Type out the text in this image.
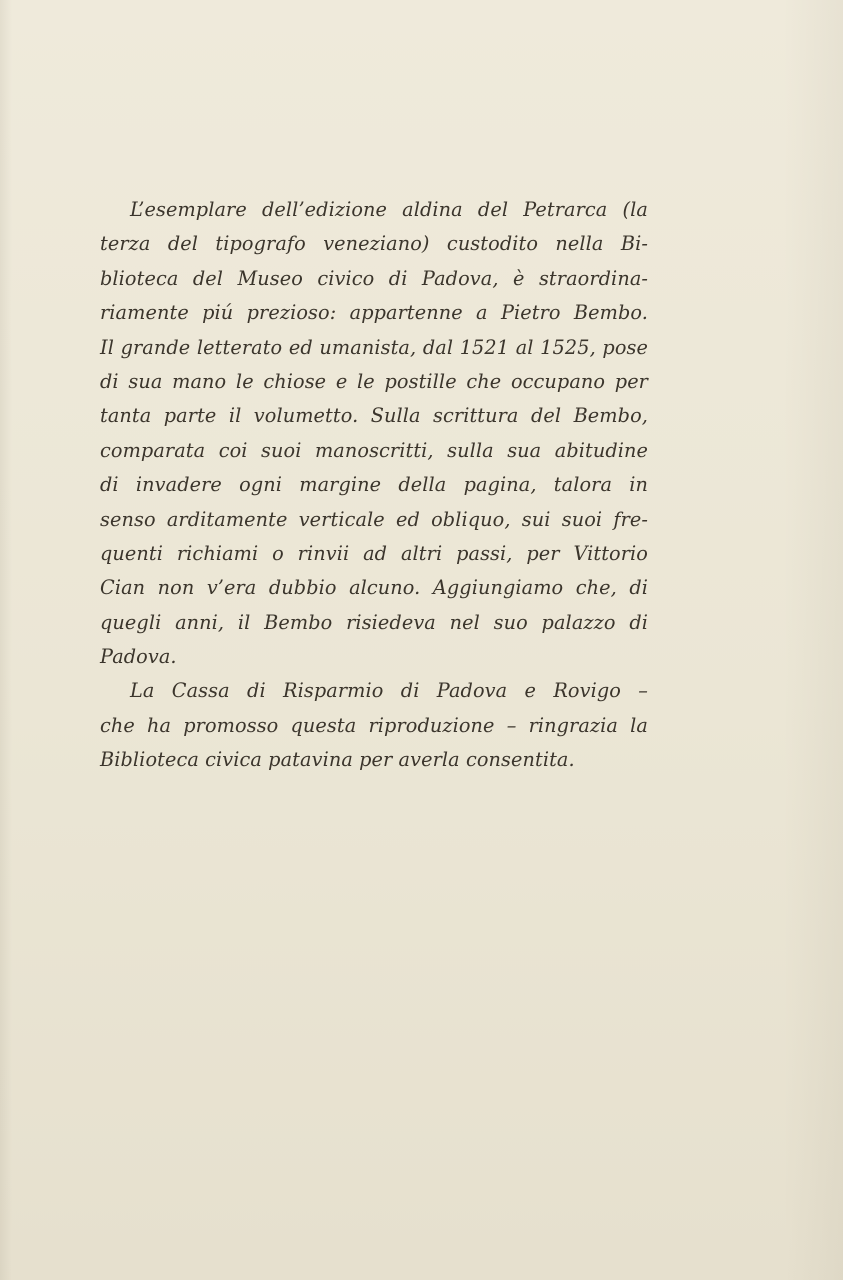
L’esemplare dell’edizione aldina del Petrarca (la
terza del tipografo veneziano) custodito nella Bi-
blioteca del Museo civico di Padova, è straordina-
riamente piú prezioso: appartenne a Pietro Bembo.
Il grande letterato ed umanista, dal 1521 al 1525, pose
di sua mano le chiose e le postille che occupano per
tanta parte il volumetto. Sulla scrittura del Bembo,
comparata coi suoi manoscritti, sulla sua abitudine
di invadere ogni margine della pagina, talora in
senso arditamente verticale ed obliquo, sui suoi fre-
quenti richiami o rinvii ad altri passi, per Vittorio
Cian non v’era dubbio alcuno. Aggiungiamo che, di
quegli anni, il Bembo risiedeva nel suo palazzo di
Padova.
La Cassa di Risparmio di Padova e Rovigo –
che ha promosso questa riproduzione – ringrazia la
Biblioteca civica patavina per averla consentita.
